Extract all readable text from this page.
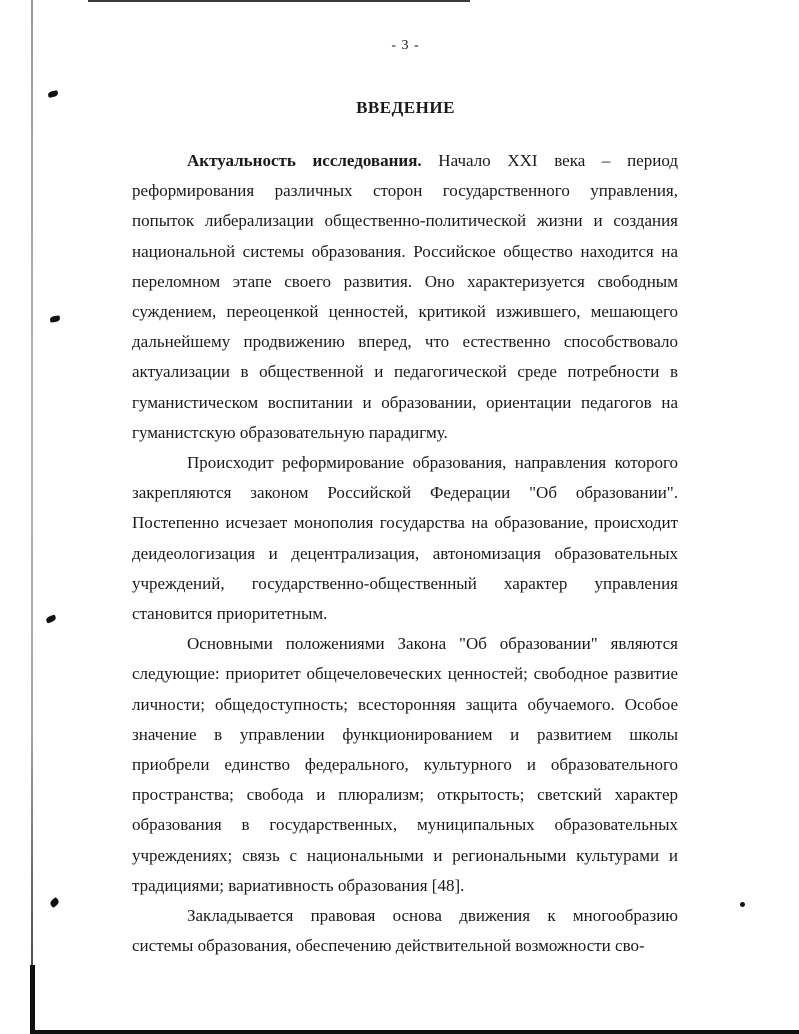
- 3 -
ВВЕДЕНИЕ

Актуальность исследования. Начало XXI века – период реформирования различных сторон государственного управления, попыток либерализации общественно-политической жизни и создания национальной системы образования. Российское общество находится на переломном этапе своего развития. Оно характеризуется свободным суждением, переоценкой ценностей, критикой изжившего, мешающего дальнейшему продвижению вперед, что естественно способствовало актуализации в общественной и педагогической среде потребности в гуманистическом воспитании и образовании, ориентации педагогов на гуманистскую образовательную парадигму.

Происходит реформирование образования, направления которого закрепляются законом Российской Федерации "Об образовании". Постепенно исчезает монополия государства на образование, происходит деидеологизация и децентрализация, автономизация образовательных учреждений, государственно-общественный характер управления становится приоритетным.

Основными положениями Закона "Об образовании" являются следующие: приоритет общечеловеческих ценностей; свободное развитие личности; общедоступность; всесторонняя защита обучаемого. Особое значение в управлении функционированием и развитием школы приобрели единство федерального, культурного и образовательного пространства; свобода и плюрализм; открытость; светский характер образования в государственных, муниципальных образовательных учреждениях; связь с национальными и региональными культурами и традициями; вариативность образования [48].

Закладывается правовая основа движения к многообразию системы образования, обеспечению действительной возможности сво-
